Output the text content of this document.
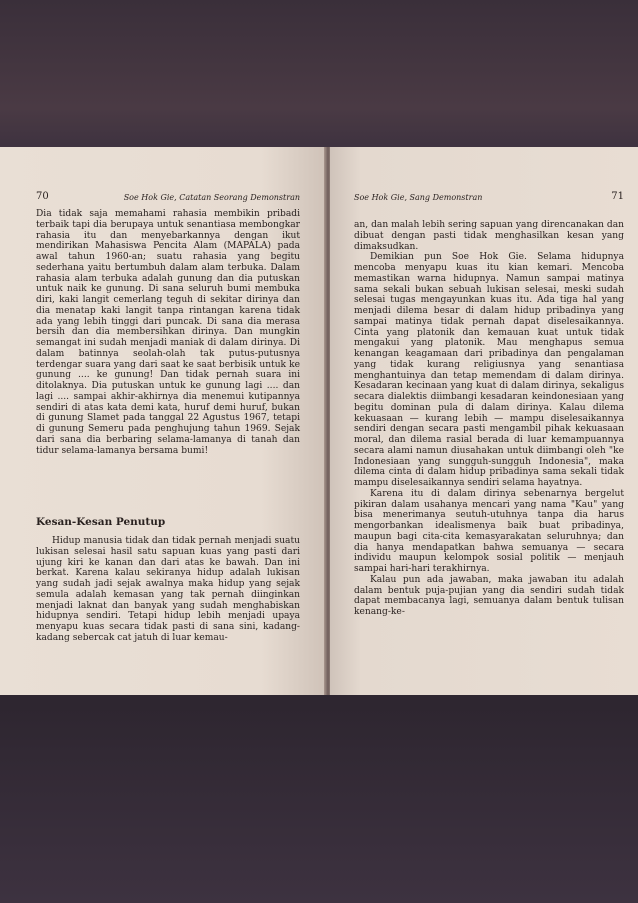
70	Soe Hok Gie, Catatan Seorang Demonstran

Dia tidak saja memahami rahasia membikin pribadi terbaik tapi dia berupaya untuk senantiasa membongkar rahasia itu dan menyebarkannya dengan ikut mendirikan Mahasiswa Pencita Alam (MAPALA) pada awal tahun 1960-an; suatu rahasia yang begitu sederhana yaitu bertumbuh dalam alam terbuka. Dalam rahasia alam terbuka adalah gunung dan dia putuskan untuk naik ke gunung. Di sana seluruh bumi membuka diri, kaki langit cemerlang teguh di sekitar dirinya dan dia menatap kaki langit tanpa rintangan karena tidak ada yang lebih tinggi dari puncak. Di sana dia merasa bersih dan dia membersihkan dirinya. Dan mungkin semangat ini sudah menjadi maniak di dalam dirinya. Di dalam batinnya seolah-olah tak putus-putusnya terdengar suara yang dari saat ke saat berbisik untuk ke gunung .... ke gunung! Dan tidak pernah suara ini ditolaknya. Dia putuskan untuk ke gunung lagi .... dan lagi .... sampai akhir-akhirnya dia menemui kutipannya sendiri di atas kata demi kata, huruf demi huruf, bukan di gunung Slamet pada tanggal 22 Agustus 1967, tetapi di gunung Semeru pada penghujung tahun 1969. Sejak dari sana dia berbaring selama-lamanya di tanah dan tidur selama-lamanya bersama bumi!

Kesan-Kesan Penutup

Hidup manusia tidak dan tidak pernah menjadi suatu lukisan selesai hasil satu sapuan kuas yang pasti dari ujung kiri ke kanan dan dari atas ke bawah. Dan ini berkat. Karena kalau sekiranya hidup adalah lukisan yang sudah jadi sejak awalnya maka hidup yang sejak semula adalah kemasan yang tak pernah diinginkan menjadi laknat dan banyak yang sudah menghabiskan hidupnya sendiri. Tetapi hidup lebih menjadi upaya menyapu kuas secara tidak pasti di sana sini, kadang-kadang sebercak cat jatuh di luar kemau-

Soe Hok Gie, Sang Demonstran	71

an, dan malah lebih sering sapuan yang direncanakan dan dibuat dengan pasti tidak menghasilkan kesan yang dimaksudkan.

Demikian pun Soe Hok Gie. Selama hidupnya mencoba menyapu kuas itu kian kemari. Mencoba memastikan warna hidupnya. Namun sampai matinya sama sekali bukan sebuah lukisan selesai, meski sudah selesai tugas mengayunkan kuas itu. Ada tiga hal yang menjadi dilema besar di dalam hidup pribadinya yang sampai matinya tidak pernah dapat diselesaikannya. Cinta yang platonik dan kemauan kuat untuk tidak mengakui yang platonik. Mau menghapus semua kenangan keagamaan dari pribadinya dan pengalaman yang tidak kurang religiusnya yang senantiasa menghantuinya dan tetap memendam di dalam dirinya. Kesadaran kecinaan yang kuat di dalam dirinya, sekaligus secara dialektis diimbangi kesadaran keindonesiaan yang begitu dominan pula di dalam dirinya. Kalau dilema kekuasaan — kurang lebih — mampu diselesaikannya sendiri dengan secara pasti mengambil pihak kekuasaan moral, dan dilema rasial berada di luar kemampuannya secara alami namun diusahakan untuk diimbangi oleh "ke Indonesiaan yang sungguh-sungguh Indonesia", maka dilema cinta di dalam hidup pribadinya sama sekali tidak mampu diselesaikannya sendiri selama hayatnya.

Karena itu di dalam dirinya sebenarnya bergelut pikiran dalam usahanya mencari yang nama "Kau" yang bisa menerimanya seutuh-utuhnya tanpa dia harus mengorbankan idealismenya baik buat pribadinya, maupun bagi cita-cita kemasyarakatan seluruhnya; dan dia hanya mendapatkan bahwa semuanya — secara individu maupun kelompok sosial politik — menjauh sampai hari-hari terakhirnya.

Kalau pun ada jawaban, maka jawaban itu adalah dalam bentuk puja-pujian yang dia sendiri sudah tidak dapat membacanya lagi, semuanya dalam bentuk tulisan kenang-ke-
